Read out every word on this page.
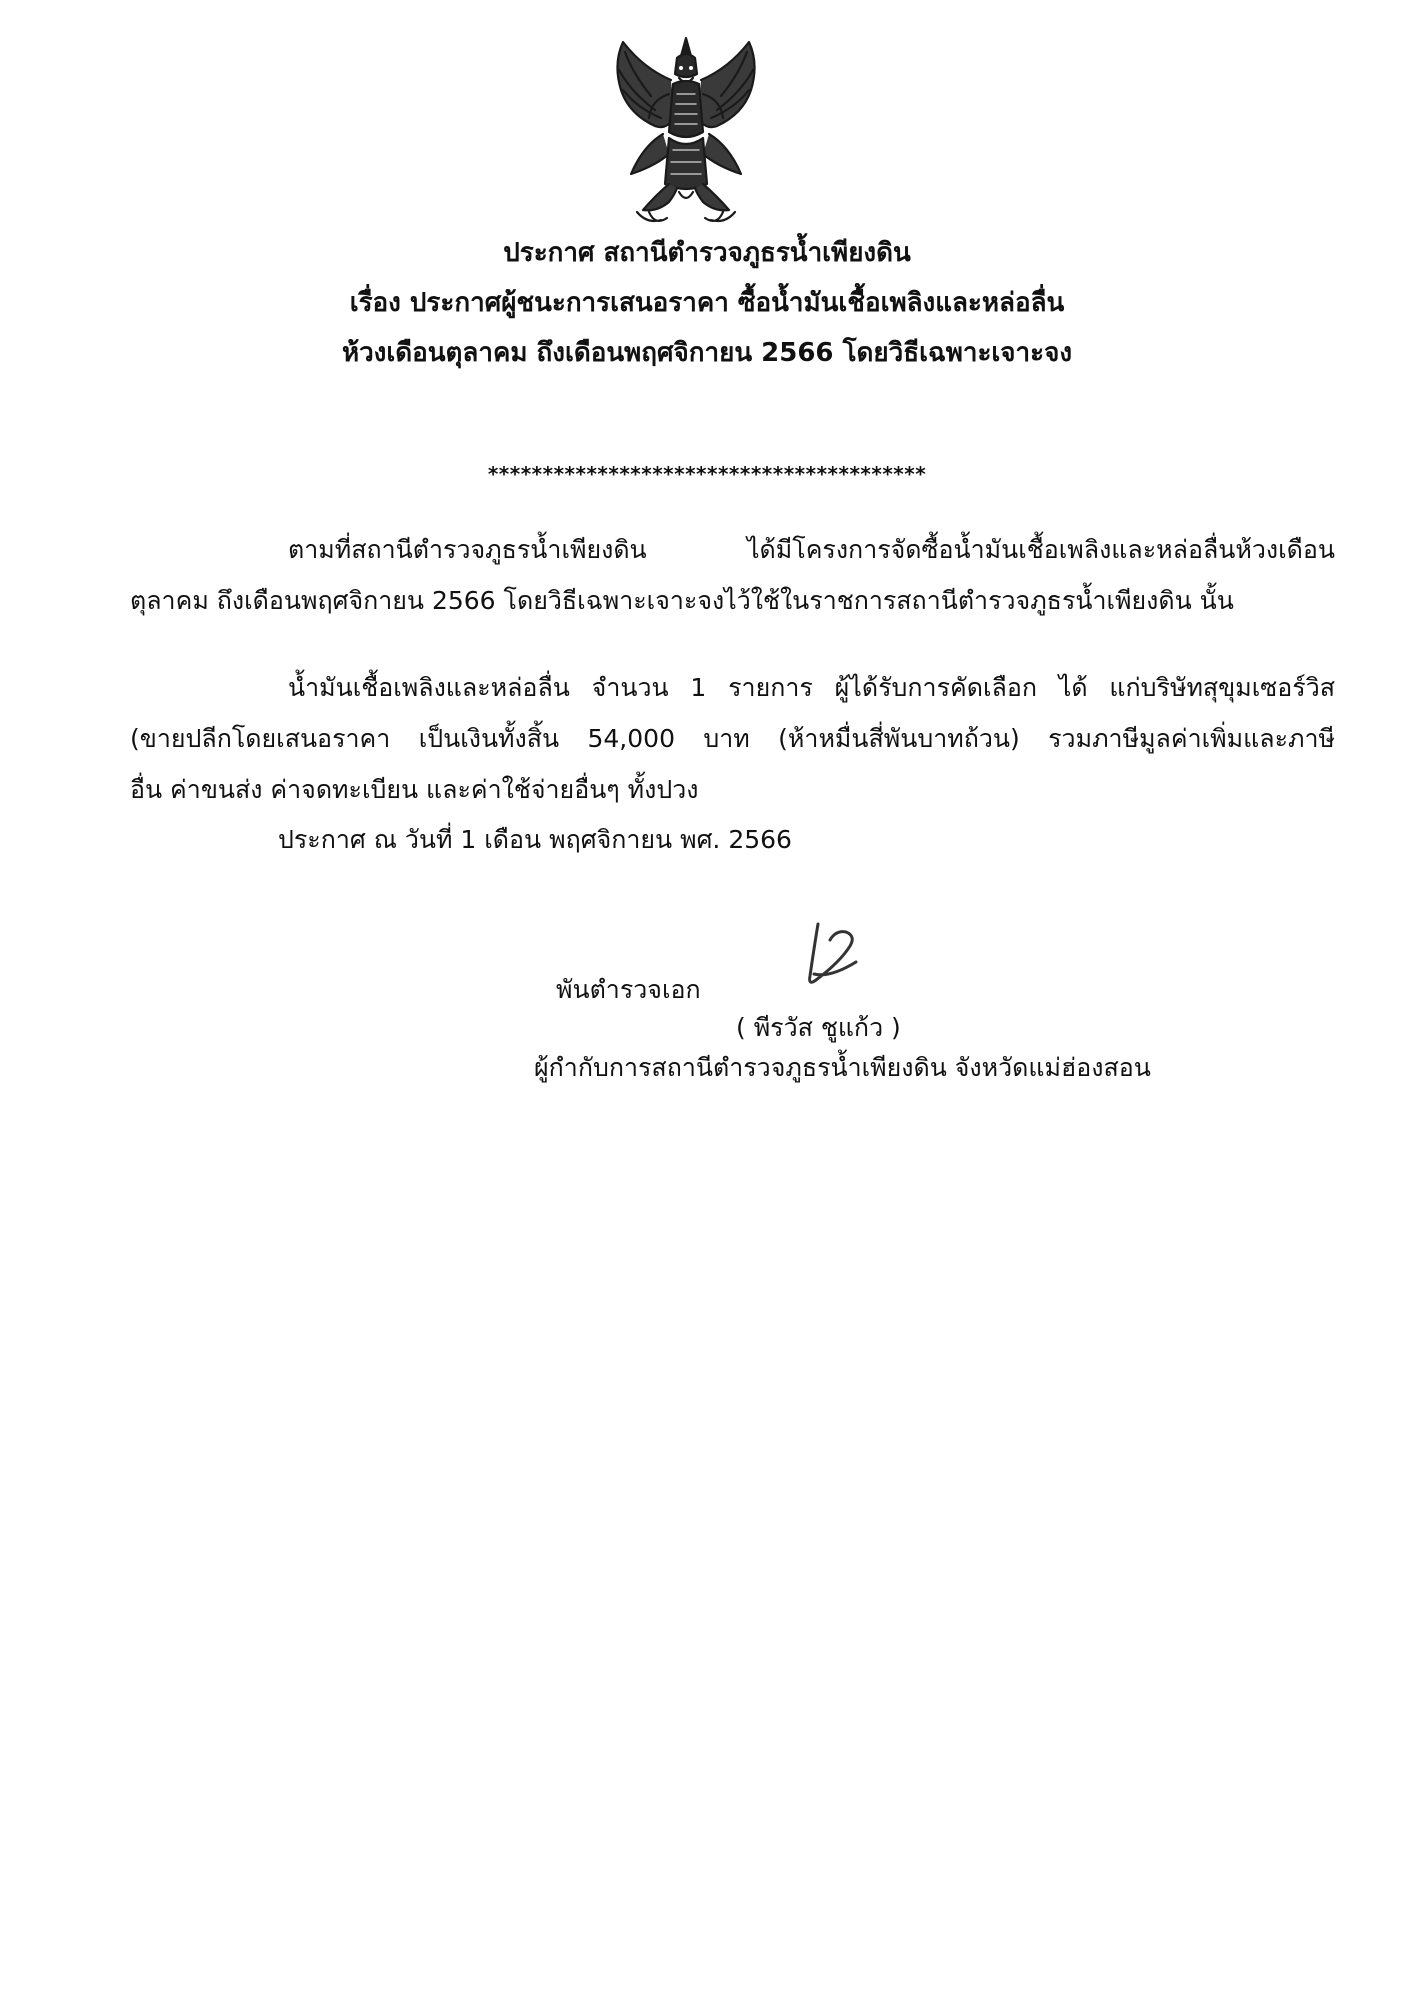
ประกาศ สถานีตำรวจภูธรน้ำเพียงดิน
เรื่อง ประกาศผู้ชนะการเสนอราคา ซื้อน้ำมันเชื้อเพลิงและหล่อลื่น
ห้วงเดือนตุลาคม ถึงเดือนพฤศจิกายน 2566 โดยวิธีเฉพาะเจาะจง
****************************************
ตามที่สถานีตำรวจภูธรน้ำเพียงดิน ได้มีโครงการจัดซื้อน้ำมันเชื้อเพลิงและหล่อลื่นห้วงเดือน
ตุลาคม ถึงเดือนพฤศจิกายน 2566 โดยวิธีเฉพาะเจาะจงไว้ใช้ในราชการสถานีตำรวจภูธรน้ำเพียงดิน นั้น
น้ำมันเชื้อเพลิงและหล่อลื่น จำนวน 1 รายการ ผู้ได้รับการคัดเลือก ได้ แก่บริษัทสุขุมเซอร์วิส
(ขายปลีกโดยเสนอราคา เป็นเงินทั้งสิ้น 54,000 บาท (ห้าหมื่นสี่พันบาทถ้วน) รวมภาษีมูลค่าเพิ่มและภาษี
อื่น ค่าขนส่ง ค่าจดทะเบียน และค่าใช้จ่ายอื่นๆ ทั้งปวง
ประกาศ ณ วันที่ 1 เดือน พฤศจิกายน พศ. 2566
พันตำรวจเอก
( พีรวัส ชูแก้ว )
ผู้กำกับการสถานีตำรวจภูธรน้ำเพียงดิน จังหวัดแม่ฮ่องสอน
